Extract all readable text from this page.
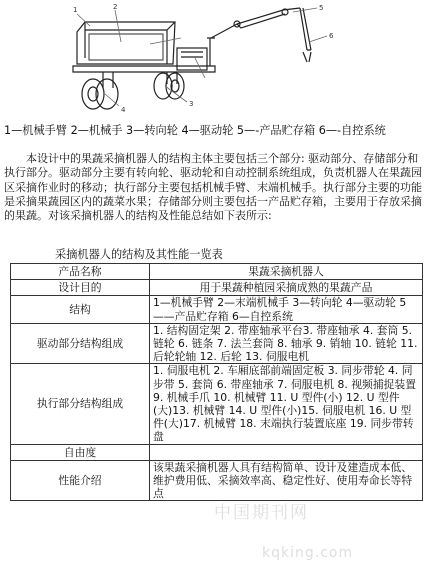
1	2
3
4
5
6
1—机械手臂 2—机械手 3—转向轮 4—驱动轮 5—-产品贮存箱 6—-自控系统

本设计中的果蔬采摘机器人的结构主体主要包括三个部分: 驱动部分、存储部分和执行部分。驱动部分主要有转向轮、驱动轮和自动控制系统组成，负责机器人在果蔬园区采摘作业时的移动；执行部分主要包括机械手臂、末端机械手。执行部分主要的功能是采摘果蔬园区内的蔬菜水果；存储部分则主要包括一产品贮存箱，主要用于存放采摘的果蔬。对该采摘机器人的结构及性能总结如下表所示:

采摘机器人的结构及其性能一览表
产品名称	果蔬采摘机器人
设计目的	用于果蔬种植园采摘成熟的果蔬产品
结构	1—机械手臂 2—末端机械手 3—转向轮 4—驱动轮 5——产品贮存箱 6—自控系统
驱动部分结构组成	1. 结构固定架 2. 带座轴承平台3. 带座轴承 4. 套筒 5. 链轮 6. 链条 7. 法兰套筒 8. 轴承 9. 销轴 10. 链轮 11. 后轮轮轴 12. 后轮 13. 伺服电机
执行部分结构组成	1. 伺服电机 2. 车厢底部前端固定板 3. 同步带轮 4. 同步带 5. 套筒 6. 带座轴承 7. 伺服电机 8. 视频捕捉装置 9. 机械手爪 10. 机械臂 11. U 型件(小) 12. U 型件(大)13. 机械臂 14. U 型件(小)15. 伺服电机 16. U 型件(大)17. 机械臂 18. 末端执行装置底座 19. 同步带转盘
自由度	
性能介绍	该果蔬采摘机器人具有结构简单、设计及建造成本低、维护费用低、采摘效率高、稳定性好、使用寿命长等特点
中国期刊网
kqking.com
